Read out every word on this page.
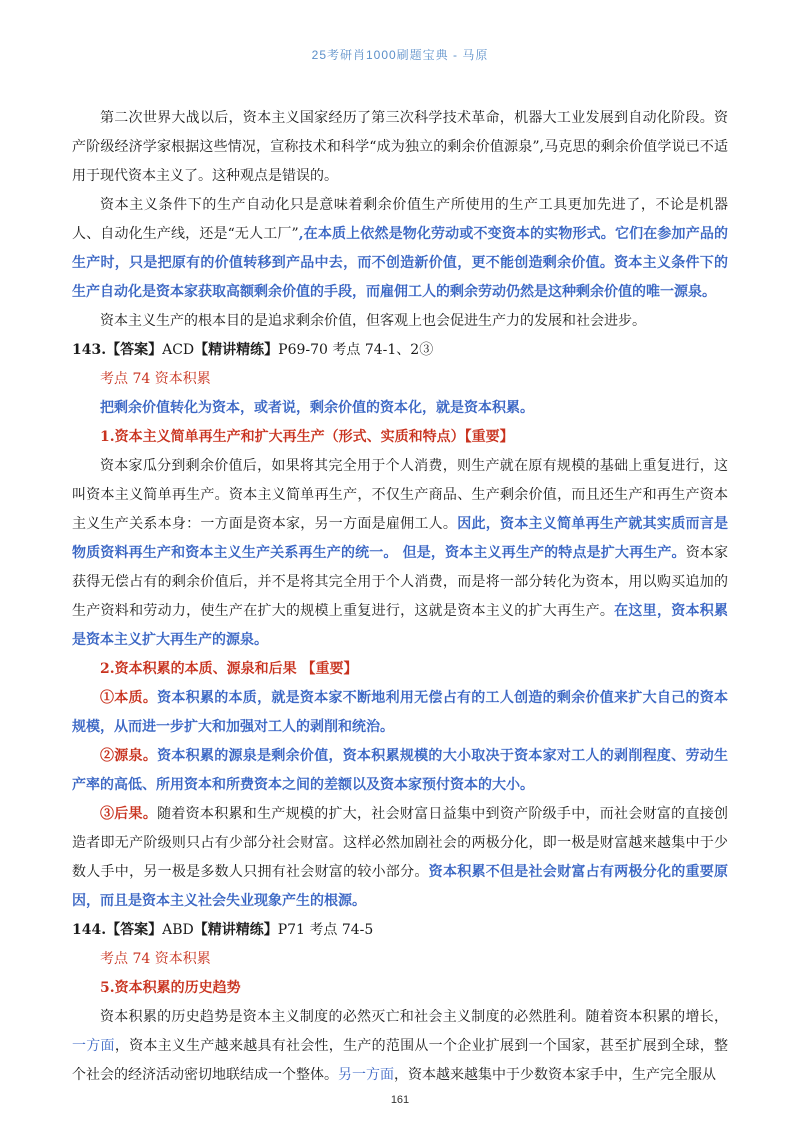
25考研肖1000刷题宝典 - 马原

第二次世界大战以后，资本主义国家经历了第三次科学技术革命，机器大工业发展到自动化阶段。资产阶级经济学家根据这些情况，宣称技术和科学“成为独立的剩余价值源泉”,马克思的剩余价值学说已不适用于现代资本主义了。这种观点是错误的。

资本主义条件下的生产自动化只是意味着剩余价值生产所使用的生产工具更加先进了，不论是机器人、自动化生产线，还是“无人工厂”,在本质上依然是物化劳动或不变资本的实物形式。它们在参加产品的生产时，只是把原有的价值转移到产品中去，而不创造新价值，更不能创造剩余价值。资本主义条件下的生产自动化是资本家获取高额剩余价值的手段，而雇佣工人的剩余劳动仍然是这种剩余价值的唯一源泉。

资本主义生产的根本目的是追求剩余价值，但客观上也会促进生产力的发展和社会进步。

143.【答案】ACD【精讲精练】P69-70 考点 74-1、2③

考点 74 资本积累

把剩余价值转化为资本，或者说，剩余价值的资本化，就是资本积累。

1.资本主义简单再生产和扩大再生产（形式、实质和特点）【重要】

资本家瓜分到剩余价值后，如果将其完全用于个人消费，则生产就在原有规模的基础上重复进行，这叫资本主义简单再生产。资本主义简单再生产，不仅生产商品、生产剩余价值，而且还生产和再生产资本主义生产关系本身：一方面是资本家，另一方面是雇佣工人。因此，资本主义简单再生产就其实质而言是物质资料再生产和资本主义生产关系再生产的统一。 但是，资本主义再生产的特点是扩大再生产。资本家获得无偿占有的剩余价值后，并不是将其完全用于个人消费，而是将一部分转化为资本，用以购买追加的生产资料和劳动力，使生产在扩大的规模上重复进行，这就是资本主义的扩大再生产。在这里，资本积累是资本主义扩大再生产的源泉。

2.资本积累的本质、源泉和后果 【重要】

①本质。资本积累的本质，就是资本家不断地利用无偿占有的工人创造的剩余价值来扩大自己的资本规模，从而进一步扩大和加强对工人的剥削和统治。

②源泉。资本积累的源泉是剩余价值，资本积累规模的大小取决于资本家对工人的剥削程度、劳动生产率的高低、所用资本和所费资本之间的差额以及资本家预付资本的大小。

③后果。随着资本积累和生产规模的扩大，社会财富日益集中到资产阶级手中，而社会财富的直接创造者即无产阶级则只占有少部分社会财富。这样必然加剧社会的两极分化，即一极是财富越来越集中于少数人手中，另一极是多数人只拥有社会财富的较小部分。资本积累不但是社会财富占有两极分化的重要原因，而且是资本主义社会失业现象产生的根源。

144.【答案】ABD【精讲精练】P71 考点 74-5

考点 74 资本积累

5.资本积累的历史趋势

资本积累的历史趋势是资本主义制度的必然灭亡和社会主义制度的必然胜利。随着资本积累的增长，一方面，资本主义生产越来越具有社会性，生产的范围从一个企业扩展到一个国家，甚至扩展到全球，整个社会的经济活动密切地联结成一个整体。另一方面，资本越来越集中于少数资本家手中，生产完全服从

161
